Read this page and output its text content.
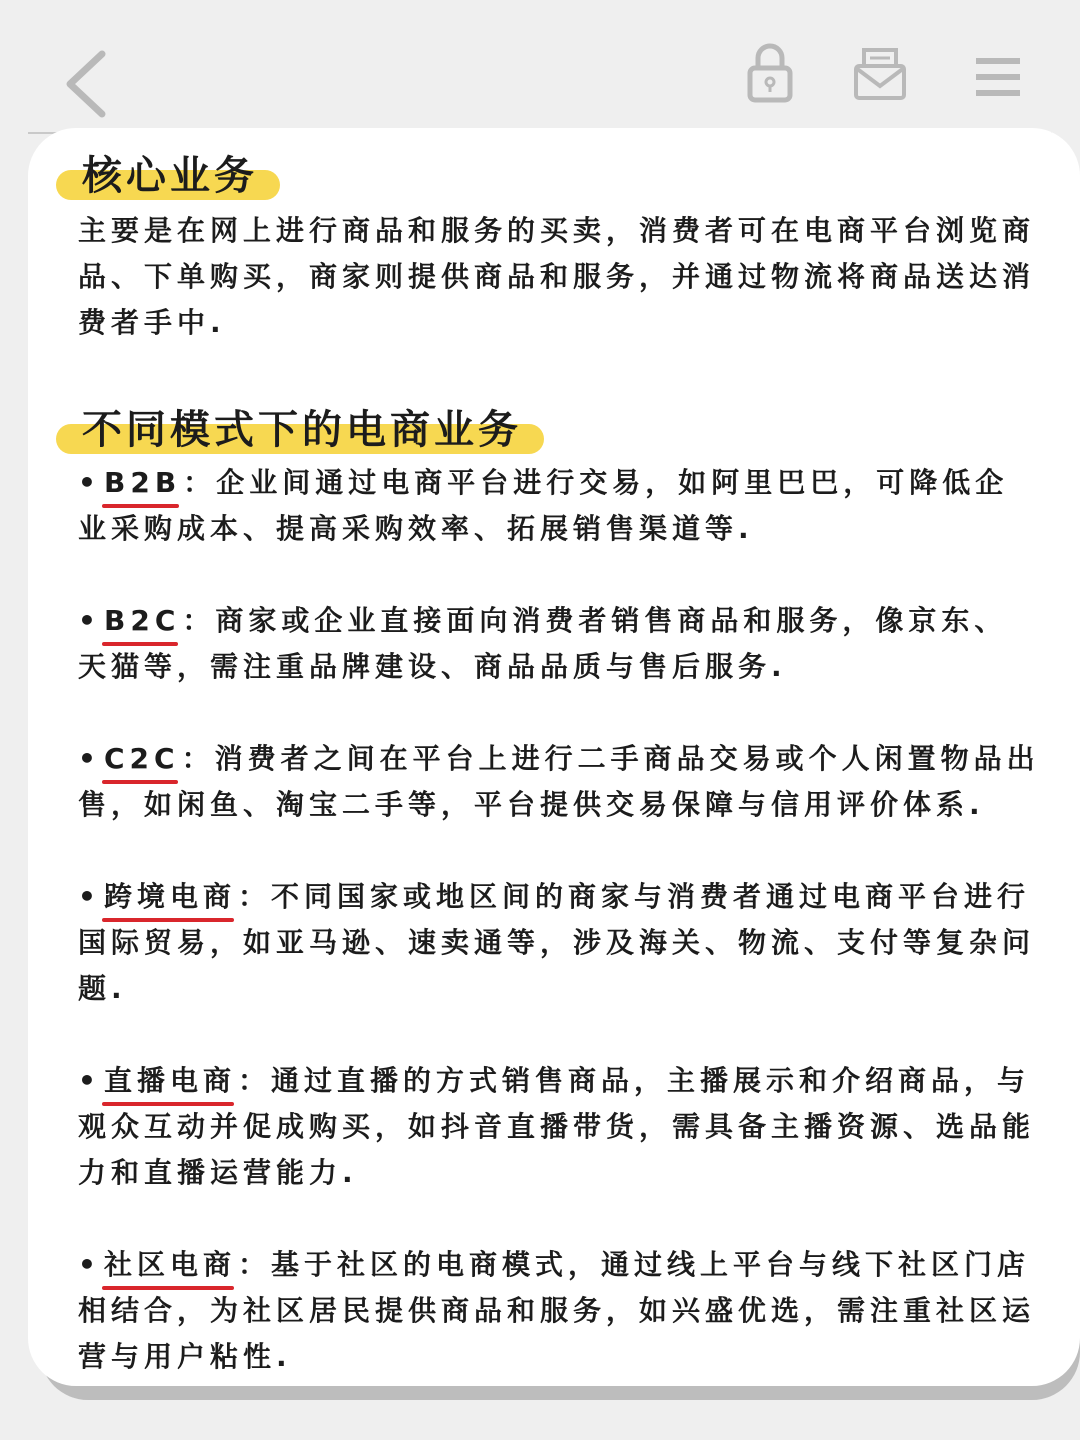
核心业务

主要是在网上进行商品和服务的买卖，消费者可在电商平台浏览商品、下单购买，商家则提供商品和服务，并通过物流将商品送达消费者手中.

不同模式下的电商业务

• B2B
：企业间通过电商平台进行交易，如阿里巴巴，可降低企业采购成本、提高采购效率、拓展销售渠道等.

• B2C
：商家或企业直接面向消费者销售商品和服务，像京东、天猫等，需注重品牌建设、商品品质与售后服务.

• C2C
：消费者之间在平台上进行二手商品交易或个人闲置物品出售，如闲鱼、淘宝二手等，平台提供交易保障与信用评价体系.

• 跨境电商
：不同国家或地区间的商家与消费者通过电商平台进行国际贸易，如亚马逊、速卖通等，涉及海关、物流、支付等复杂问题.

• 直播电商
：通过直播的方式销售商品，主播展示和介绍商品，与观众互动并促成购买，如抖音直播带货，需具备主播资源、选品能力和直播运营能力.

• 社区电商
：基于社区的电商模式，通过线上平台与线下社区门店相结合，为社区居民提供商品和服务，如兴盛优选，需注重社区运营与用户粘性.
